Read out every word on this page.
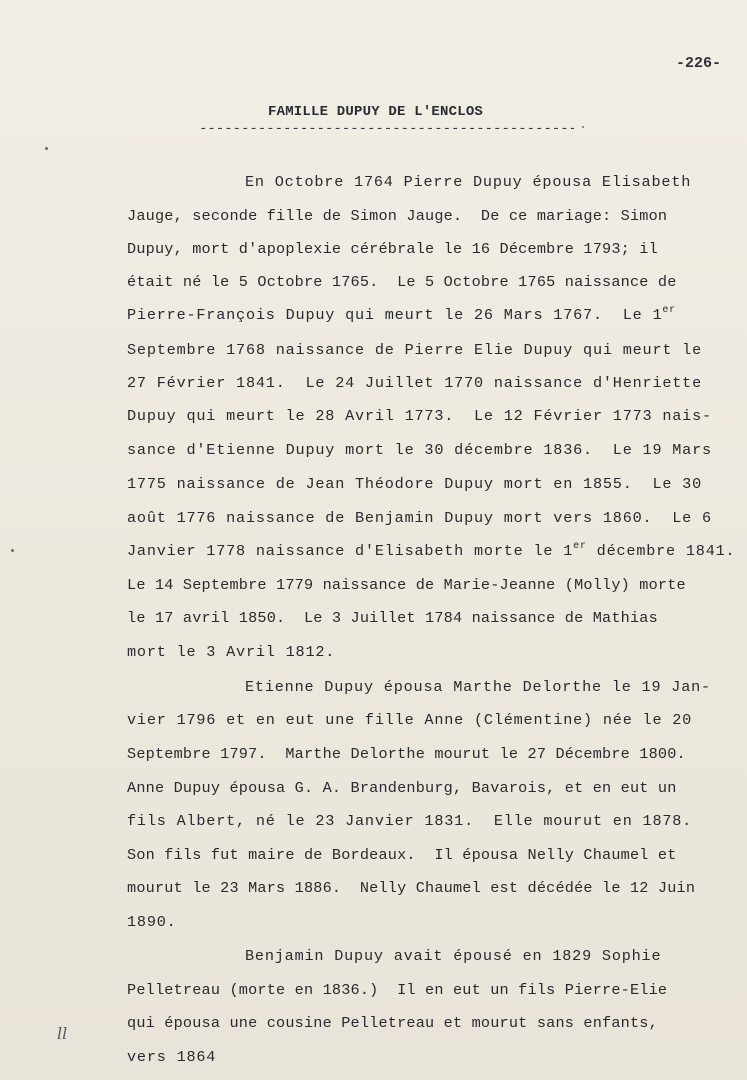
-226-
FAMILLE DUPUY DE L'ENCLOS
-----
En Octobre 1764 Pierre Dupuy épousa Elisabeth
Jauge, seconde fille de Simon Jauge.  De ce mariage: Simon
Dupuy, mort d'apoplexie cérébrale le 16 Décembre 1793; il
était né le 5 Octobre 1765.  Le 5 Octobre 1765 naissance de
Pierre-François Dupuy qui meurt le 26 Mars 1767.  Le 1er
Septembre 1768 naissance de Pierre Elie Dupuy qui meurt le
27 Février 1841.  Le 24 Juillet 1770 naissance d'Henriette
Dupuy qui meurt le 28 Avril 1773.  Le 12 Février 1773 nais-
sance d'Etienne Dupuy mort le 30 décembre 1836.  Le 19 Mars
1775 naissance de Jean Théodore Dupuy mort en 1855.  Le 30
août 1776 naissance de Benjamin Dupuy mort vers 1860.  Le 6
Janvier 1778 naissance d'Elisabeth morte le 1er décembre 1841.
Le 14 Septembre 1779 naissance de Marie-Jeanne (Molly) morte
le 17 avril 1850.  Le 3 Juillet 1784 naissance de Mathias
mort le 3 Avril 1812.
Etienne Dupuy épousa Marthe Delorthe le 19 Jan-
vier 1796 et en eut une fille Anne (Clémentine) née le 20
Septembre 1797.  Marthe Delorthe mourut le 27 Décembre 1800.
Anne Dupuy épousa G. A. Brandenburg, Bavarois, et en eut un
fils Albert, né le 23 Janvier 1831.  Elle mourut en 1878.
Son fils fut maire de Bordeaux.  Il épousa Nelly Chaumel et
mourut le 23 Mars 1886.  Nelly Chaumel est décédée le 12 Juin
1890.
Benjamin Dupuy avait épousé en 1829 Sophie
Pelletreau (morte en 1836.)  Il en eut un fils Pierre-Elie
qui épousa une cousine Pelletreau et mourut sans enfants,
vers 1864
ll
